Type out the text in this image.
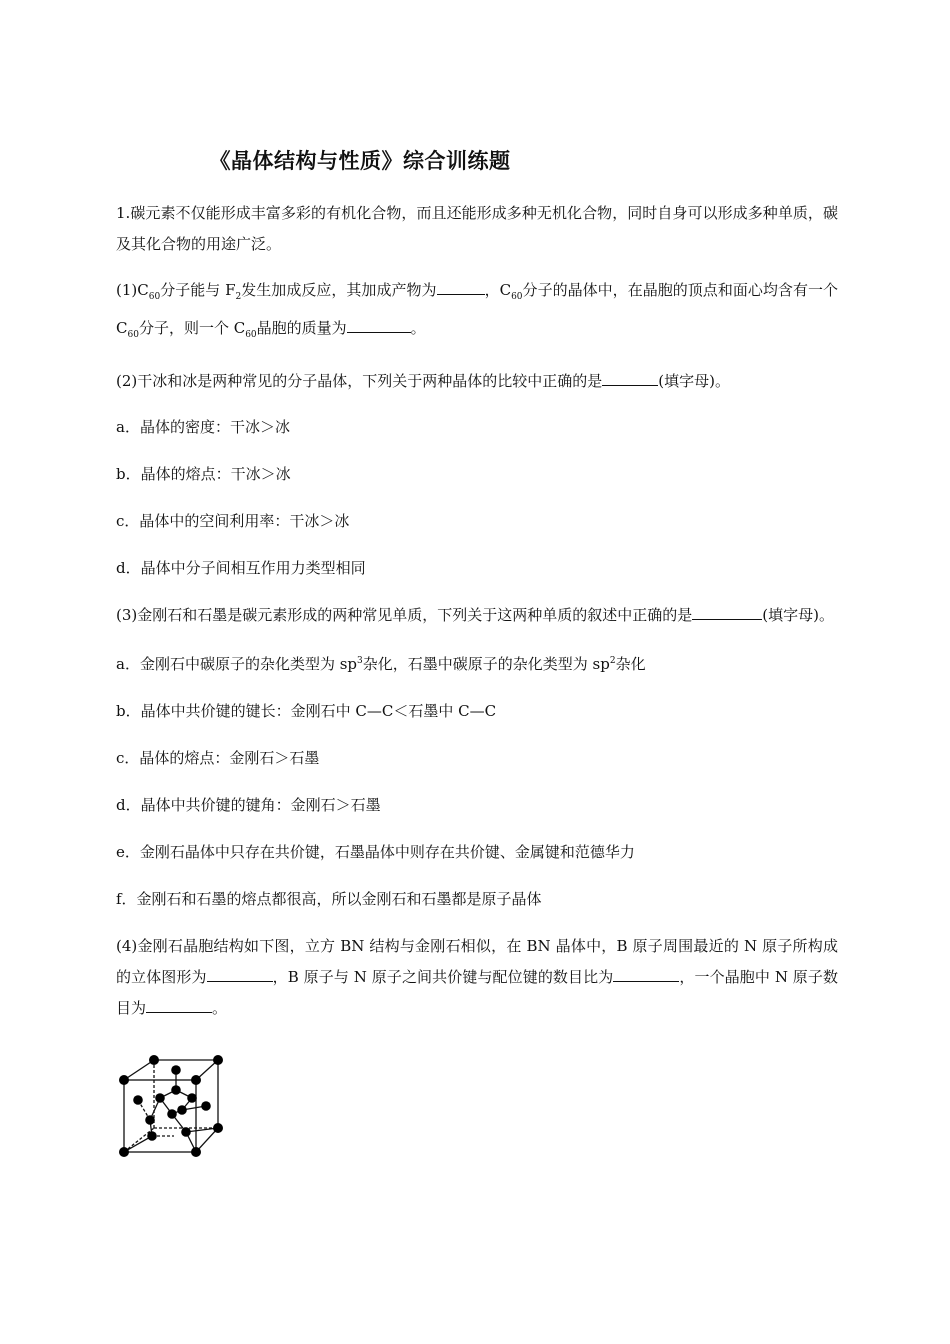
《晶体结构与性质》综合训练题

1.碳元素不仅能形成丰富多彩的有机化合物，而且还能形成多种无机化合物，同时自身可以形成多种单质，碳及其化合物的用途广泛。

$(1)C_{60}$分子能与 $F_2$发生加成反应，其加成产物为	，$C_{60}$分子的晶体中，在晶胞的顶点和面心均含有一个 $C_{60}$分子，则一个 $C_{60}$晶胞的质量为	。

(2)干冰和冰是两种常见的分子晶体，下列关于两种晶体的比较中正确的是	(填字母)。

a．晶体的密度：干冰＞冰

b．晶体的熔点：干冰＞冰

c．晶体中的空间利用率：干冰＞冰

d．晶体中分子间相互作用力类型相同

(3)金刚石和石墨是碳元素形成的两种常见单质，下列关于这两种单质的叙述中正确的是	(填字母)。

a．金刚石中碳原子的杂化类型为 $sp^3$杂化，石墨中碳原子的杂化类型为 $sp^2$杂化

b．晶体中共价键的键长：金刚石中 C—C＜石墨中 C—C

c．晶体的熔点：金刚石＞石墨

d．晶体中共价键的键角：金刚石＞石墨

e．金刚石晶体中只存在共价键，石墨晶体中则存在共价键、金属键和范德华力

f．金刚石和石墨的熔点都很高，所以金刚石和石墨都是原子晶体

(4)金刚石晶胞结构如下图，立方 BN 结构与金刚石相似，在 BN 晶体中，B 原子周围最近的 N 原子所构成的立体图形为	，B 原子与 N 原子之间共价键与配位键的数目比为	，一个晶胞中 N 原子数目为	。
